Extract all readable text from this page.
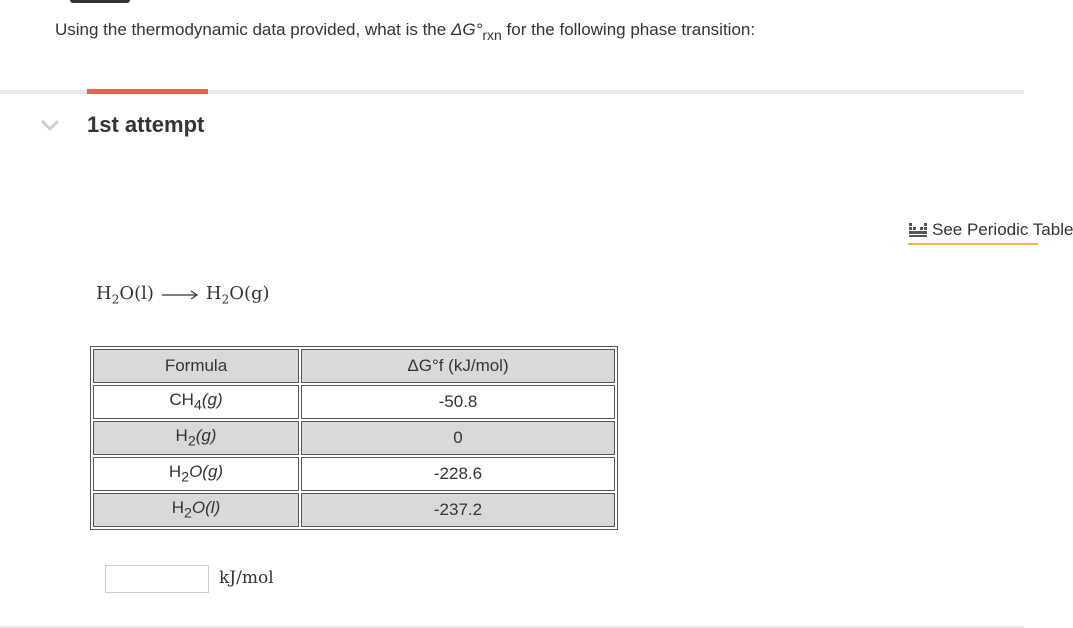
Using the thermodynamic data provided, what is the $\Delta G^\circ_{rxn}$ for the following phase transition:
1st attempt
See Periodic Table
$H_2O(l)$	$H_2O(g)$
Formula	ΔG°f (kJ/mol)
$CH_4(g)$	-50.8
$H_2(g)$	0
$H_2O(g)$	-228.6
$H_2O(l)$	-237.2
kJ/mol
